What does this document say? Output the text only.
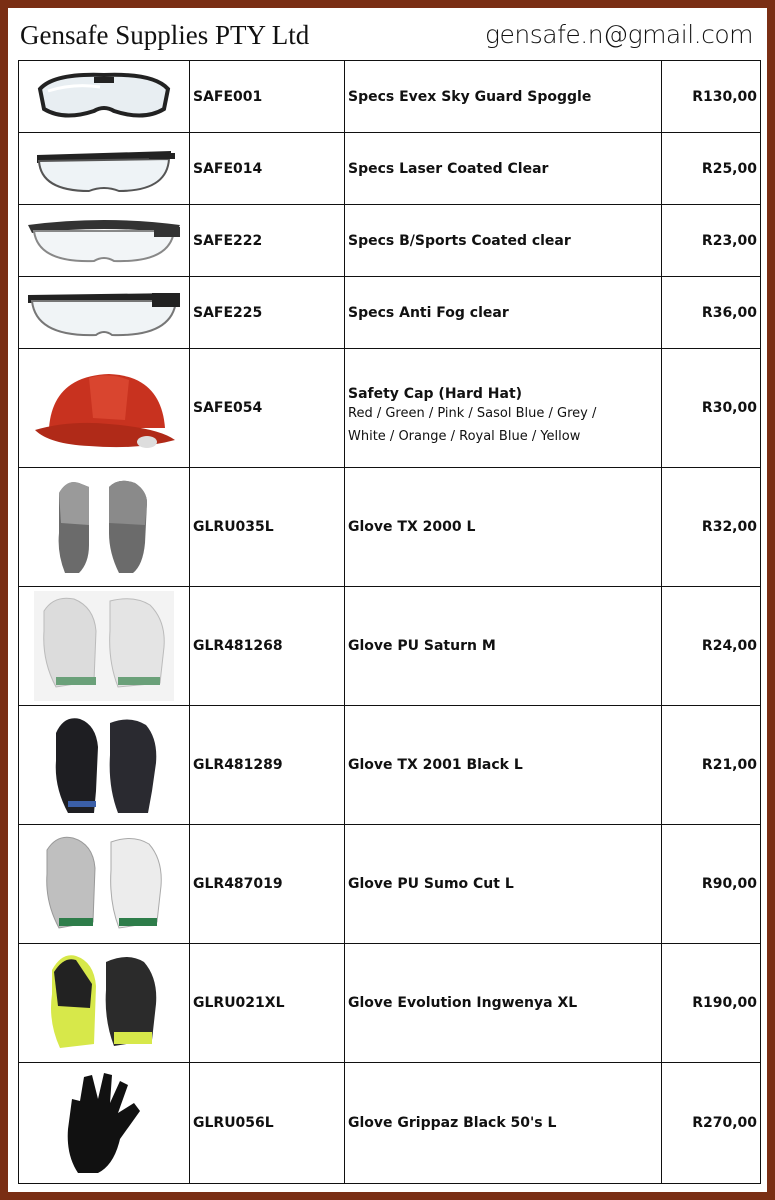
Gensafe Supplies PTY Ltd	gensafe.n@gmail.com
	SAFE001	Specs Evex Sky Guard Spoggle	R130,00

	SAFE014	Specs Laser Coated Clear	R25,00

	SAFE222	Specs B/Sports Coated clear	R23,00

	SAFE225	Specs Anti Fog clear	R36,00

	SAFE054	Safety Cap (Hard Hat)
Red / Green / Pink / Sasol Blue / Grey /
White / Orange / Royal Blue / Yellow	R30,00

	GLRU035L	Glove TX 2000 L	R32,00

	GLR481268	Glove PU Saturn M	R24,00

	GLR481289	Glove TX 2001 Black L	R21,00

	GLR487019	Glove PU Sumo Cut L	R90,00

	GLRU021XL	Glove Evolution Ingwenya XL	R190,00

	GLRU056L	Glove Grippaz Black 50's L	R270,00
